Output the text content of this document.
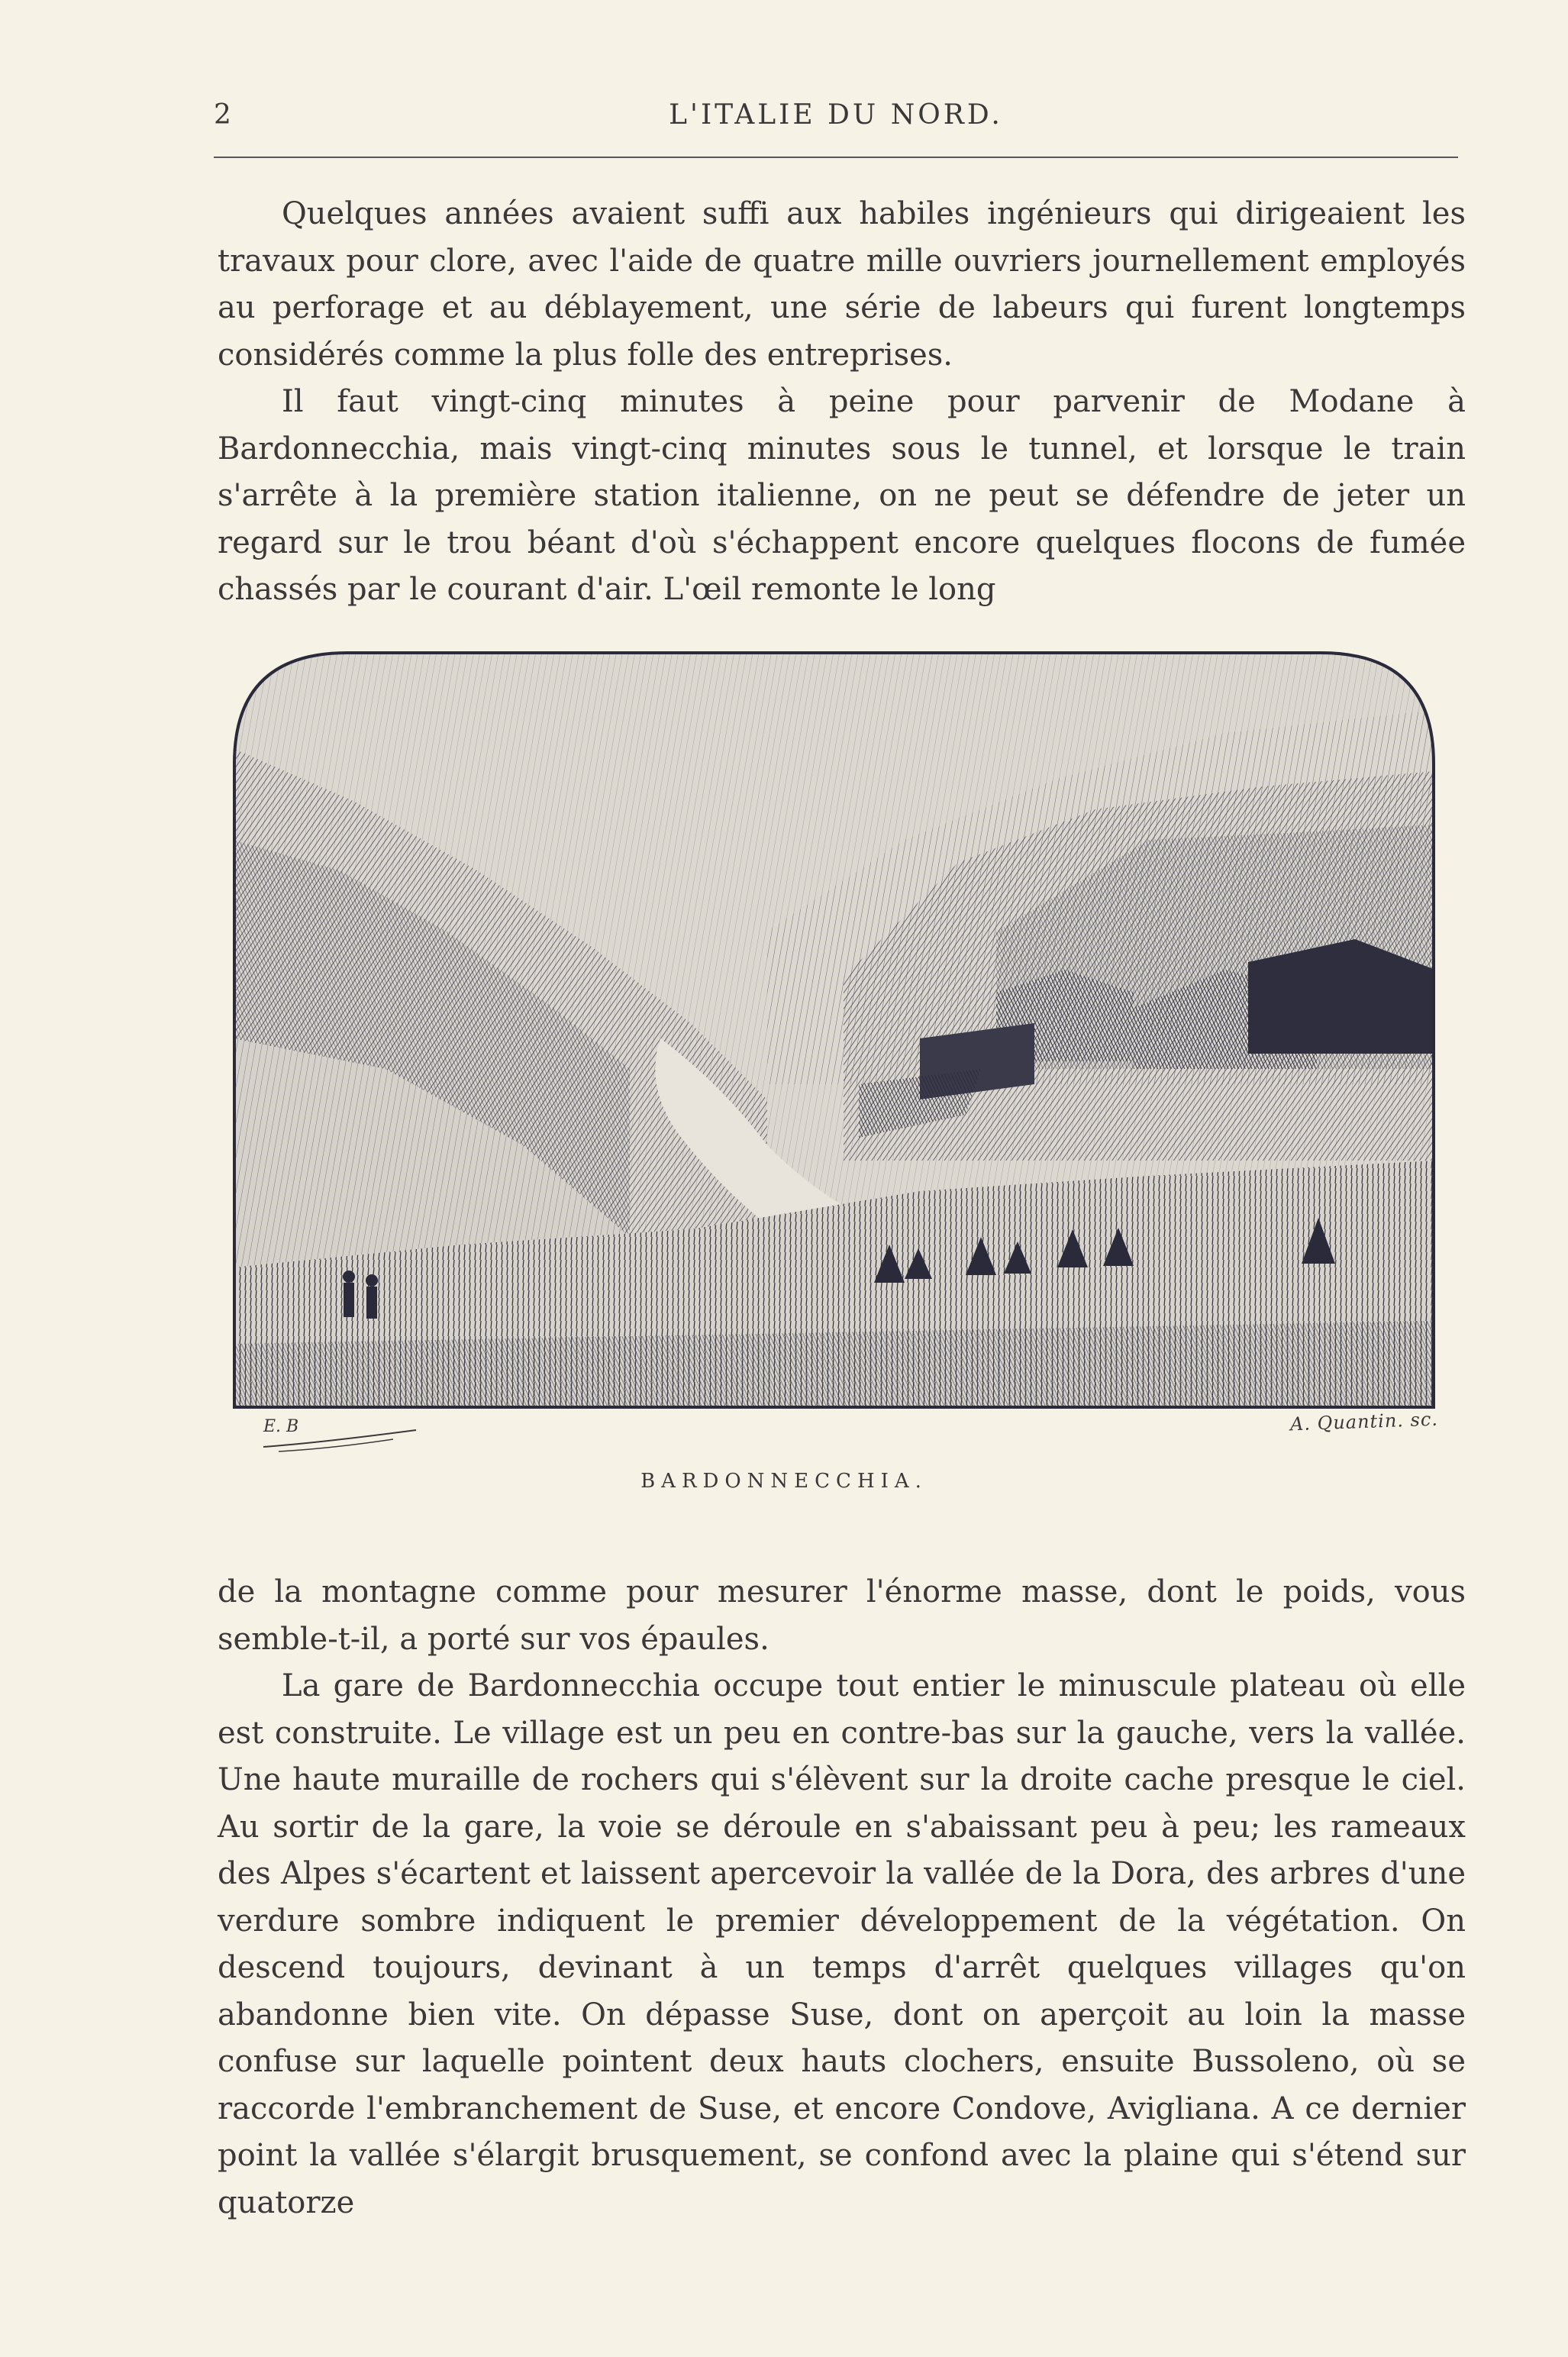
2	L'ITALIE DU NORD.

Quelques années avaient suffi aux habiles ingénieurs qui dirigeaient les travaux pour clore, avec l'aide de quatre mille ouvriers journellement employés au perforage et au déblayement, une série de labeurs qui furent longtemps considérés comme la plus folle des entreprises.

Il faut vingt-cinq minutes à peine pour parvenir de Modane à Bardonnecchia, mais vingt-cinq minutes sous le tunnel, et lorsque le train s'arrête à la première station italienne, on ne peut se défendre de jeter un regard sur le trou béant d'où s'échappent encore quelques flocons de fumée chassés par le courant d'air. L'œil remonte le long

E. B	A. Quantin. sc.
BARDONNECCHIA.

de la montagne comme pour mesurer l'énorme masse, dont le poids, vous semble-t-il, a porté sur vos épaules.

La gare de Bardonnecchia occupe tout entier le minuscule plateau où elle est construite. Le village est un peu en contre-bas sur la gauche, vers la vallée. Une haute muraille de rochers qui s'élèvent sur la droite cache presque le ciel. Au sortir de la gare, la voie se déroule en s'abaissant peu à peu; les rameaux des Alpes s'écartent et laissent apercevoir la vallée de la Dora, des arbres d'une verdure sombre indiquent le premier développement de la végétation. On descend toujours, devinant à un temps d'arrêt quelques villages qu'on abandonne bien vite. On dépasse Suse, dont on aperçoit au loin la masse confuse sur laquelle pointent deux hauts clochers, ensuite Bussoleno, où se raccorde l'embranchement de Suse, et encore Condove, Avigliana. A ce dernier point la vallée s'élargit brusquement, se confond avec la plaine qui s'étend sur quatorze
